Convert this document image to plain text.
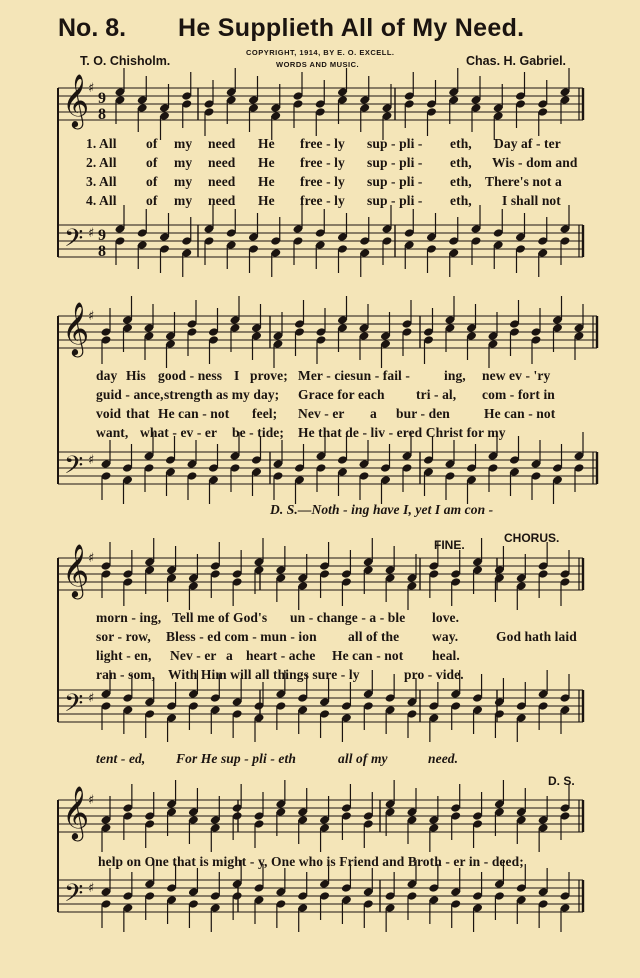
No. 8. He Supplieth All of My Need.
T. O. Chisholm.
COPYRIGHT, 1914, BY E. O. EXCELL.
WORDS AND MUSIC.	Chas. H. Gabriel.
𝄞
𝄢
♯
♯
9
8
9
8
𝄞
𝄢
♯
♯
𝄞
𝄢
♯
♯
𝄞
𝄢
♯
♯
1. All of my need He free - ly sup - pli - eth, Day af - ter
2. All of my need He free - ly sup - pli - eth, Wis - dom and
3. All of my need He free - ly sup - pli - eth, There's not a
4. All of my need He free - ly sup - pli - eth, I shall not
day His good - ness I prove; Mer - cies un - fail -	ing, new ev - 'ry
guid - ance, strength as my day; Grace for each tri - al, com - fort in
void that He can - not feel; Nev - er a bur - den	He can - not
want, what - ev - er be - tide; He that de - liv - ered Christ for my
D. S.—Noth - ing have I, yet I am con -
morn - ing, Tell me of God's un - change - a - ble love.
sor - row, Bless - ed com - mun - ion all of the way.	God hath laid
light - en, Nev - er a heart - ache He can - not heal.
ran - som, With Him will all things sure - ly	pro - vide.
tent - ed, For He sup - pli - eth	all of my	need.
help on One that is might - y, One who is Friend and Broth - er in - deed;
FINE.	CHORUS.
D. S.
